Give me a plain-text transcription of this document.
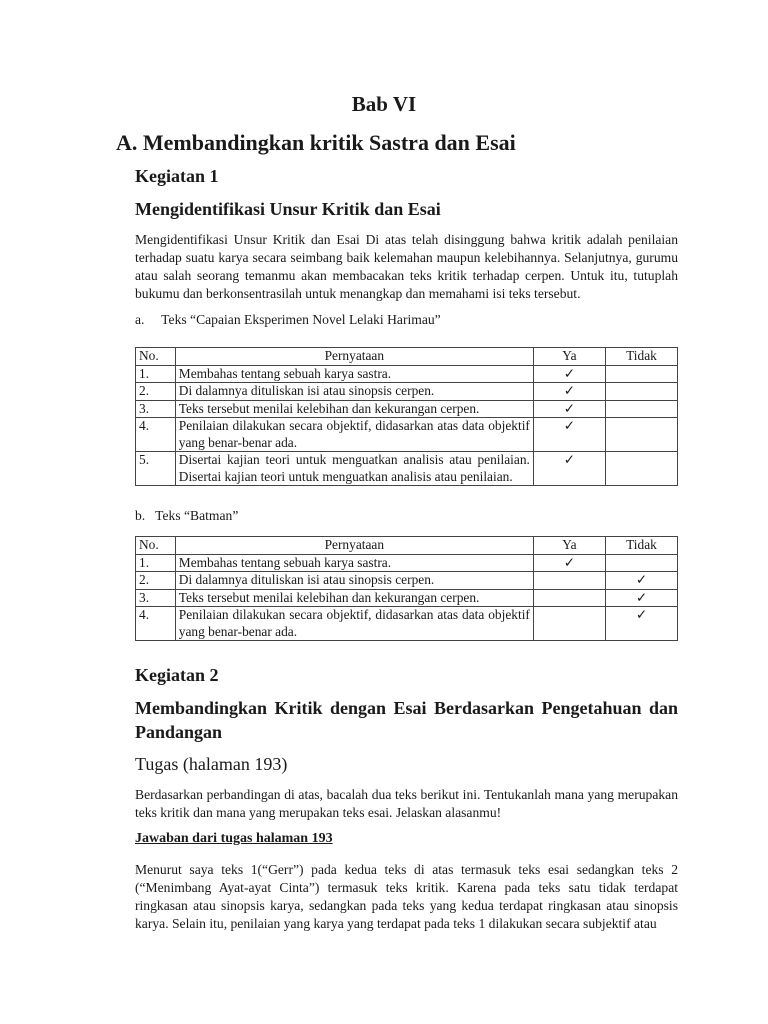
Bab VI
A. Membandingkan kritik Sastra dan Esai
Kegiatan 1
Mengidentifikasi Unsur Kritik dan Esai
Mengidentifikasi Unsur Kritik dan Esai Di atas telah disinggung bahwa kritik adalah penilaian terhadap suatu karya secara seimbang baik kelemahan maupun kelebihannya. Selanjutnya, gurumu atau salah seorang temanmu akan membacakan teks kritik terhadap cerpen. Untuk itu, tutuplah bukumu dan berkonsentrasilah untuk menangkap dan memahami isi teks tersebut.
a.     Teks “Capaian Eksperimen Novel Lelaki Harimau”
No.	Pernyataan	Ya	Tidak
1.	Membahas tentang sebuah karya sastra.	✓	
2.	Di dalamnya dituliskan isi atau sinopsis cerpen.	✓	
3.	Teks tersebut menilai kelebihan dan kekurangan cerpen.	✓	
4.	Penilaian dilakukan secara objektif, didasarkan atas data objektif yang benar-benar ada.	✓	
5.	Disertai kajian teori untuk menguatkan analisis atau penilaian. Disertai kajian teori untuk menguatkan analisis atau penilaian.	✓	
b.   Teks “Batman”
No.	Pernyataan	Ya	Tidak
1.	Membahas tentang sebuah karya sastra.	✓	
2.	Di dalamnya dituliskan isi atau sinopsis cerpen.		✓
3.	Teks tersebut menilai kelebihan dan kekurangan cerpen.		✓
4.	Penilaian dilakukan secara objektif, didasarkan atas data objektif yang benar-benar ada.		✓
Kegiatan 2
Membandingkan Kritik dengan Esai Berdasarkan Pengetahuan dan Pandangan
Tugas (halaman 193)
Berdasarkan perbandingan di atas, bacalah dua teks berikut ini. Tentukanlah mana yang merupakan teks kritik dan mana yang merupakan teks esai. Jelaskan alasanmu!
Jawaban dari tugas halaman 193
Menurut saya teks 1(“Gerr”) pada kedua teks di atas termasuk teks esai sedangkan teks 2 (“Menimbang Ayat-ayat Cinta”) termasuk teks kritik. Karena pada teks satu tidak terdapat ringkasan atau sinopsis karya, sedangkan pada teks yang kedua terdapat ringkasan atau sinopsis karya. Selain itu, penilaian yang karya yang terdapat pada teks 1 dilakukan secara subjektif atau
